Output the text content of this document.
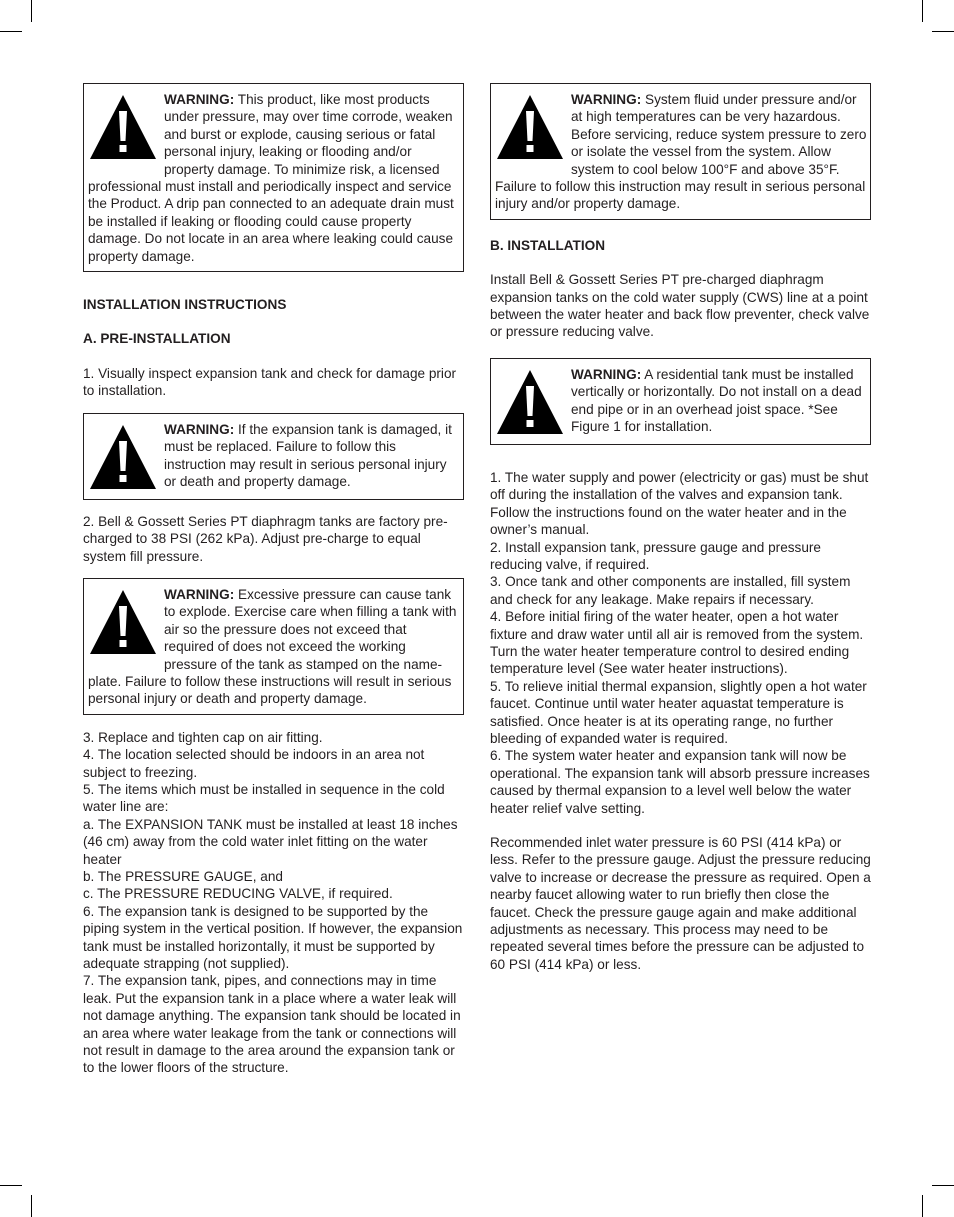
WARNING: This product, like most products under pressure, may over time corrode, weaken and burst or explode, causing serious or fatal personal injury, leaking or flooding and/or property damage. To minimize risk, a licensed professional must install and periodically inspect and service the Product. A drip pan connected to an adequate drain must be installed if leaking or flooding could cause property damage. Do not locate in an area where leaking could cause property damage.
INSTALLATION INSTRUCTIONS
A. PRE-INSTALLATION

1. Visually inspect expansion tank and check for damage prior to installation.

WARNING: If the expansion tank is damaged, it must be replaced. Failure to follow this instruction may result in serious personal injury or death and property damage.

2. Bell & Gossett Series PT diaphragm tanks are factory pre-charged to 38 PSI (262 kPa). Adjust pre-charge to equal system fill pressure.

WARNING: Excessive pressure can cause tank to explode. Exercise care when filling a tank with air so the pressure does not exceed that required of does not exceed the working pressure of the tank as stamped on the name-plate. Failure to follow these instructions will result in serious personal injury or death and property damage.
3. Replace and tighten cap on air fitting.
4. The location selected should be indoors in an area not subject to freezing.
5. The items which must be installed in sequence in the cold water line are:
a. The EXPANSION TANK must be installed at least 18 inches (46 cm) away from the cold water inlet fitting on the water heater
b. The PRESSURE GAUGE, and
c. The PRESSURE REDUCING VALVE, if required.
6. The expansion tank is designed to be supported by the piping system in the vertical position. If however, the expansion tank must be installed horizontally, it must be supported by adequate strapping (not supplied).
7. The expansion tank, pipes, and connections may in time leak. Put the expansion tank in a place where a water leak will not damage anything. The expansion tank should be located in an area where water leakage from the tank or connections will not result in damage to the area around the expansion tank or to the lower floors of the structure.
WARNING: System fluid under pressure and/or at high temperatures can be very hazardous. Before servicing, reduce system pressure to zero or isolate the vessel from the system. Allow system to cool below 100°F and above 35°F. Failure to follow this instruction may result in serious personal injury and/or property damage.
B. INSTALLATION

Install Bell & Gossett Series PT pre-charged diaphragm expansion tanks on the cold water supply (CWS) line at a point between the water heater and back flow preventer, check valve or pressure reducing valve.

WARNING: A residential tank must be installed vertically or horizontally. Do not install on a dead end pipe or in an overhead joist space. *See Figure 1 for installation.
1. The water supply and power (electricity or gas) must be shut off during the installation of the valves and expansion tank. Follow the instructions found on the water heater and in the owner’s manual.
2. Install expansion tank, pressure gauge and pressure reducing valve, if required.
3. Once tank and other components are installed, fill system and check for any leakage. Make repairs if necessary.
4. Before initial firing of the water heater, open a hot water fixture and draw water until all air is removed from the system. Turn the water heater temperature control to desired ending temperature level (See water heater instructions).
5. To relieve initial thermal expansion, slightly open a hot water faucet. Continue until water heater aquastat temperature is satisfied. Once heater is at its operating range, no further bleeding of expanded water is required.
6. The system water heater and expansion tank will now be operational. The expansion tank will absorb pressure increases caused by thermal expansion to a level well below the water heater relief valve setting.

Recommended inlet water pressure is 60 PSI (414 kPa) or less. Refer to the pressure gauge. Adjust the pressure reducing valve to increase or decrease the pressure as required. Open a nearby faucet allowing water to run briefly then close the faucet. Check the pressure gauge again and make additional adjustments as necessary. This process may need to be repeated several times before the pressure can be adjusted to 60 PSI (414 kPa) or less.
